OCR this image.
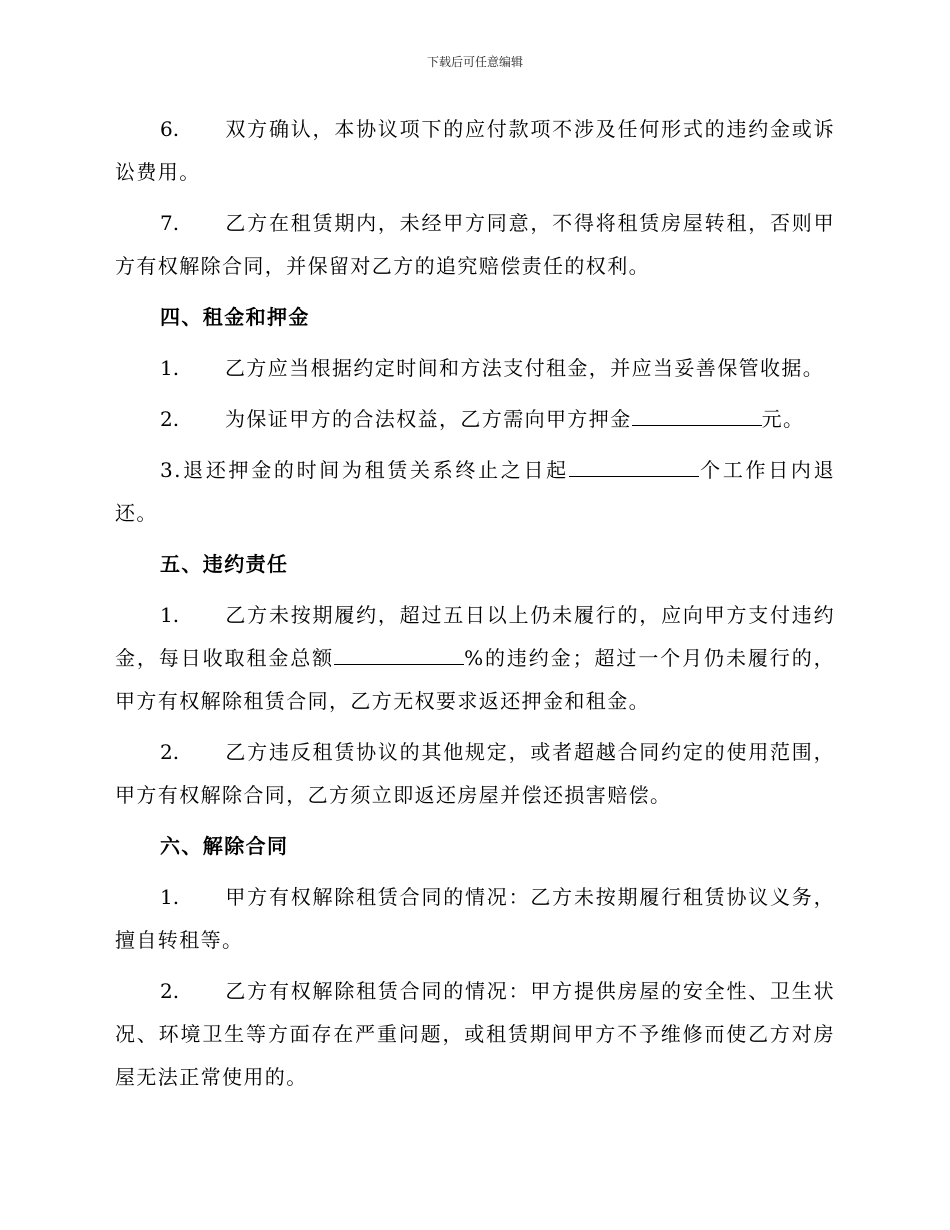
下载后可任意编辑

6. 双方确认，本协议项下的应付款项不涉及任何形式的违约金或诉讼费用。

7. 乙方在租赁期内，未经甲方同意，不得将租赁房屋转租，否则甲方有权解除合同，并保留对乙方的追究赔偿责任的权利。

四、租金和押金

1. 乙方应当根据约定时间和方法支付租金，并应当妥善保管收据。

2. 为保证甲方的合法权益，乙方需向甲方押金	元。

3.退还押金的时间为租赁关系终止之日起	个工作日内退还。

五、违约责任

1. 乙方未按期履约，超过五日以上仍未履行的，应向甲方支付违约金，每日收取租金总额	%的违约金；超过一个月仍未履行的，甲方有权解除租赁合同，乙方无权要求返还押金和租金。

2. 乙方违反租赁协议的其他规定，或者超越合同约定的使用范围，甲方有权解除合同，乙方须立即返还房屋并偿还损害赔偿。

六、解除合同

1. 甲方有权解除租赁合同的情况：乙方未按期履行租赁协议义务，擅自转租等。

2. 乙方有权解除租赁合同的情况：甲方提供房屋的安全性、卫生状况、环境卫生等方面存在严重问题，或租赁期间甲方不予维修而使乙方对房屋无法正常使用的。
